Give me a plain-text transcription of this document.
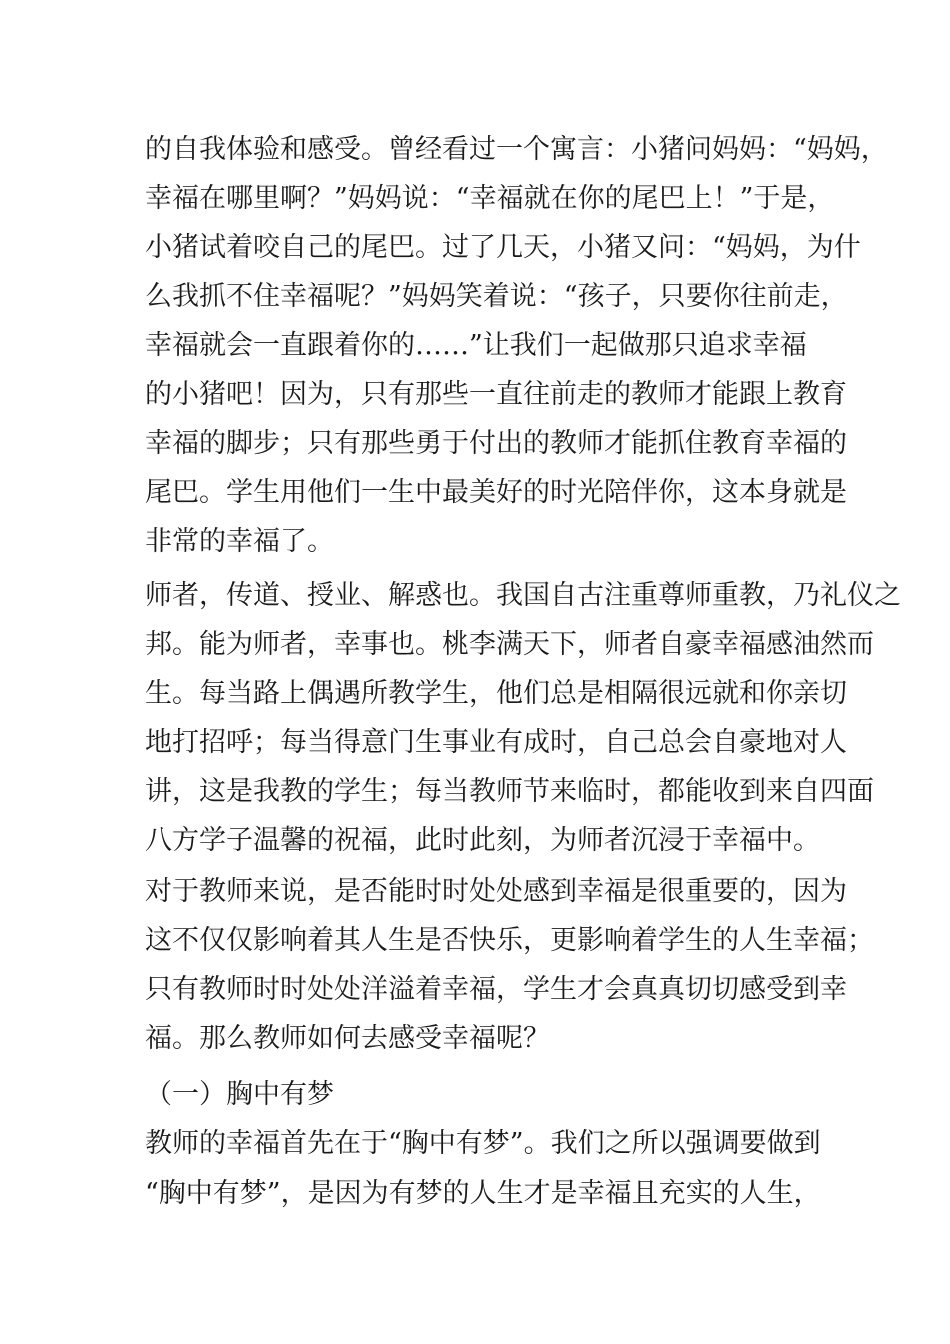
的自我体验和感受。曾经看过一个寓言：小猪问妈妈：“妈妈，
幸福在哪里啊？”妈妈说：“幸福就在你的尾巴上！”于是，
小猪试着咬自己的尾巴。过了几天，小猪又问：“妈妈，为什
么我抓不住幸福呢？”妈妈笑着说：“孩子，只要你往前走，
幸福就会一直跟着你的……”让我们一起做那只追求幸福
的小猪吧！因为，只有那些一直往前走的教师才能跟上教育
幸福的脚步；只有那些勇于付出的教师才能抓住教育幸福的
尾巴。学生用他们一生中最美好的时光陪伴你，这本身就是
非常的幸福了。
师者，传道、授业、解惑也。我国自古注重尊师重教，乃礼仪之
邦。能为师者，幸事也。桃李满天下，师者自豪幸福感油然而
生。每当路上偶遇所教学生，他们总是相隔很远就和你亲切
地打招呼；每当得意门生事业有成时，自己总会自豪地对人
讲，这是我教的学生；每当教师节来临时，都能收到来自四面
八方学子温馨的祝福，此时此刻，为师者沉浸于幸福中。
对于教师来说，是否能时时处处感到幸福是很重要的，因为
这不仅仅影响着其人生是否快乐，更影响着学生的人生幸福；
只有教师时时处处洋溢着幸福，学生才会真真切切感受到幸
福。那么教师如何去感受幸福呢？
（一）胸中有梦
教师的幸福首先在于“胸中有梦”。我们之所以强调要做到
“胸中有梦”，是因为有梦的人生才是幸福且充实的人生，
